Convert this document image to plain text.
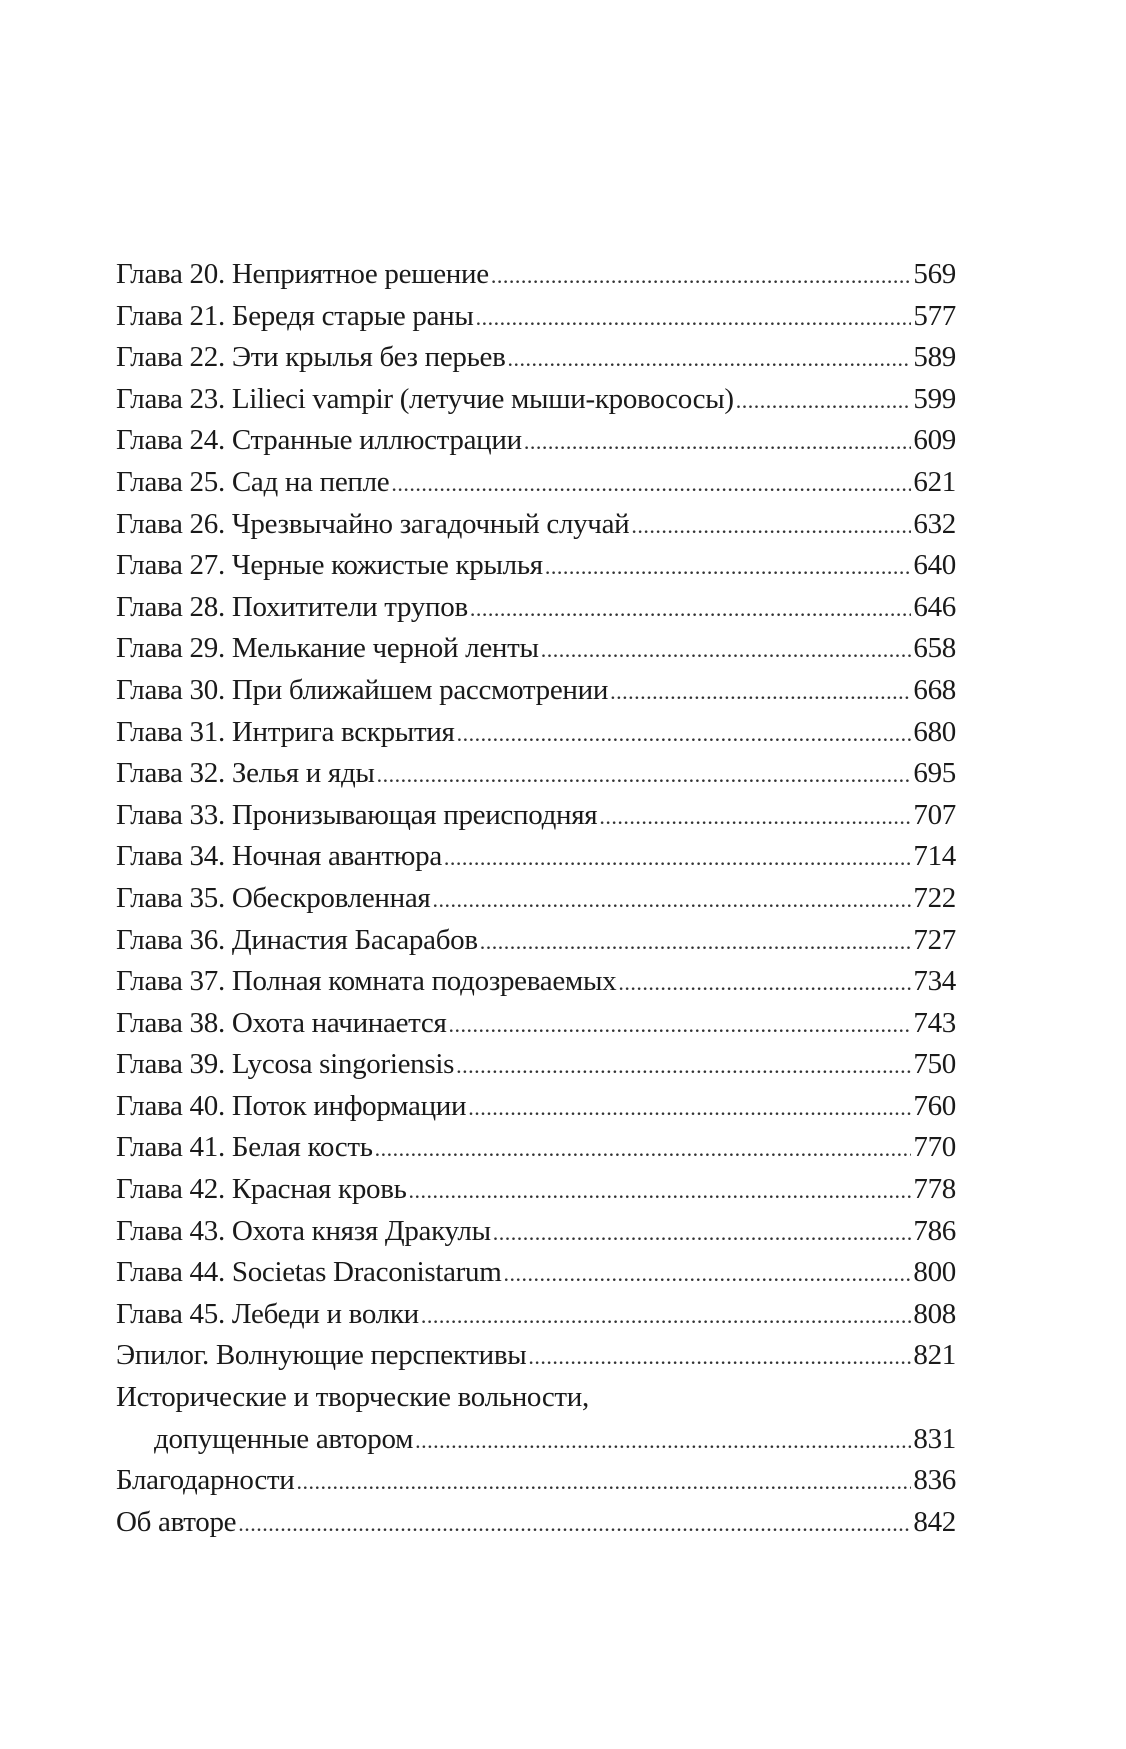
Глава 20. Неприятное решение . . .	569
Глава 21. Бередя старые раны . . .	577
Глава 22. Эти крылья без перьев . . .	589
Глава 23. Liliеci vampir (летучие мыши-кровососы) . . .	599
Глава 24. Странные иллюстрации . . .	609
Глава 25. Сад на пепле . . .	621
Глава 26. Чрезвычайно загадочный случай . . .	632
Глава 27. Черные кожистые крылья . . .	640
Глава 28. Похитители трупов . . .	646
Глава 29. Мелькание черной ленты . . .	658
Глава 30. При ближайшем рассмотрении . . .	668
Глава 31. Интрига вскрытия . . .	680
Глава 32. Зелья и яды . . .	695
Глава 33. Пронизывающая преисподняя . . .	707
Глава 34. Ночная авантюра . . .	714
Глава 35. Обескровленная . . .	722
Глава 36. Династия Басарабов . . .	727
Глава 37. Полная комната подозреваемых . . .	734
Глава 38. Охота начинается . . .	743
Глава 39. Lycosa singoriensis . . .	750
Глава 40. Поток информации . . .	760
Глава 41. Белая кость . . .	770
Глава 42. Красная кровь . . .	778
Глава 43. Охота князя Дракулы . . .	786
Глава 44. Societas Draconistarum . . .	800
Глава 45. Лебеди и волки . . .	808
Эпилог. Волнующие перспективы . . .	821
Исторические и творческие вольности,
допущенные автором . . .	831
Благодарности . . .	836
Об авторе . . .	842
